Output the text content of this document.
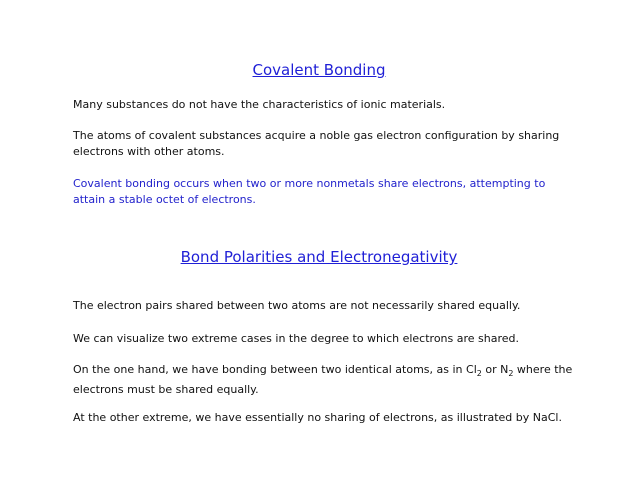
Covalent Bonding
Many substances do not have the characteristics of ionic materials.
The atoms of covalent substances acquire a noble gas electron configuration by sharing electrons with other atoms.
Covalent bonding occurs when two or more nonmetals share electrons, attempting to attain a stable octet of electrons.
Bond Polarities and Electronegativity
The electron pairs shared between two atoms are not necessarily shared equally.
We can visualize two extreme cases in the degree to which electrons are shared.
On the one hand, we have bonding between two identical atoms, as in $Cl_2$ or $N_2$ where the electrons must be shared equally.
At the other extreme, we have essentially no sharing of electrons, as illustrated by NaCl.
